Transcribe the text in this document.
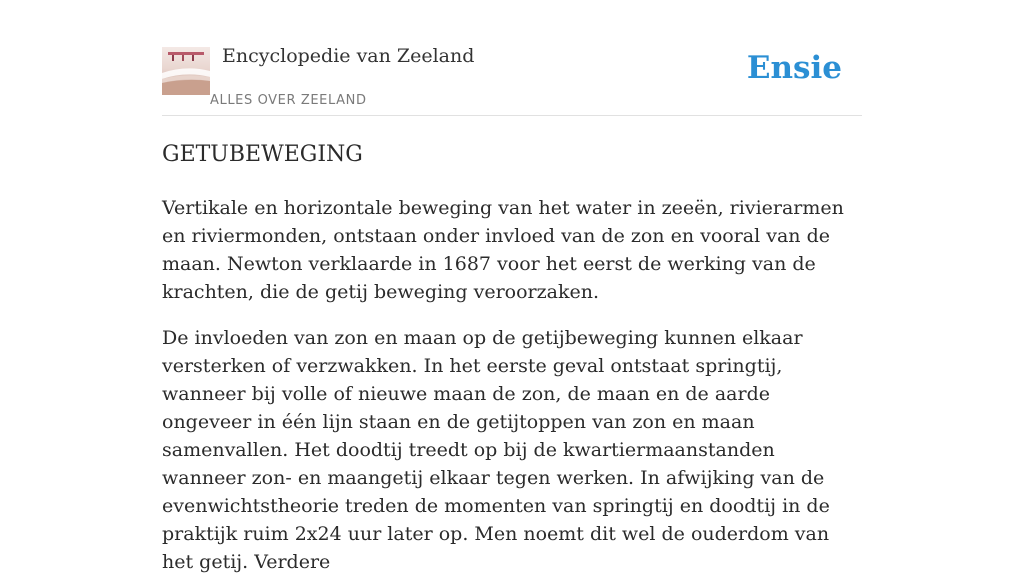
Encyclopedie van Zeeland
ALLES OVER ZEELAND
Ensie
GETUBEWEGING

Vertikale en horizontale beweging van het water in zeeën, rivierarmen en riviermonden, ontstaan onder invloed van de zon en vooral van de maan. Newton verklaarde in 1687 voor het eerst de werking van de krachten, die de getij beweging veroorzaken.

De invloeden van zon en maan op de getijbeweging kunnen elkaar versterken of verzwakken. In het eerste geval ontstaat springtij, wanneer bij volle of nieuwe maan de zon, de maan en de aarde ongeveer in één lijn staan en de getijtoppen van zon en maan samenvallen. Het doodtij treedt op bij de kwartiermaanstanden wanneer zon- en maangetij elkaar tegen werken. In afwijking van de evenwichtstheorie treden de momenten van springtij en doodtij in de praktijk ruim 2x24 uur later op. Men noemt dit wel de ouderdom van het getij. Verdere
